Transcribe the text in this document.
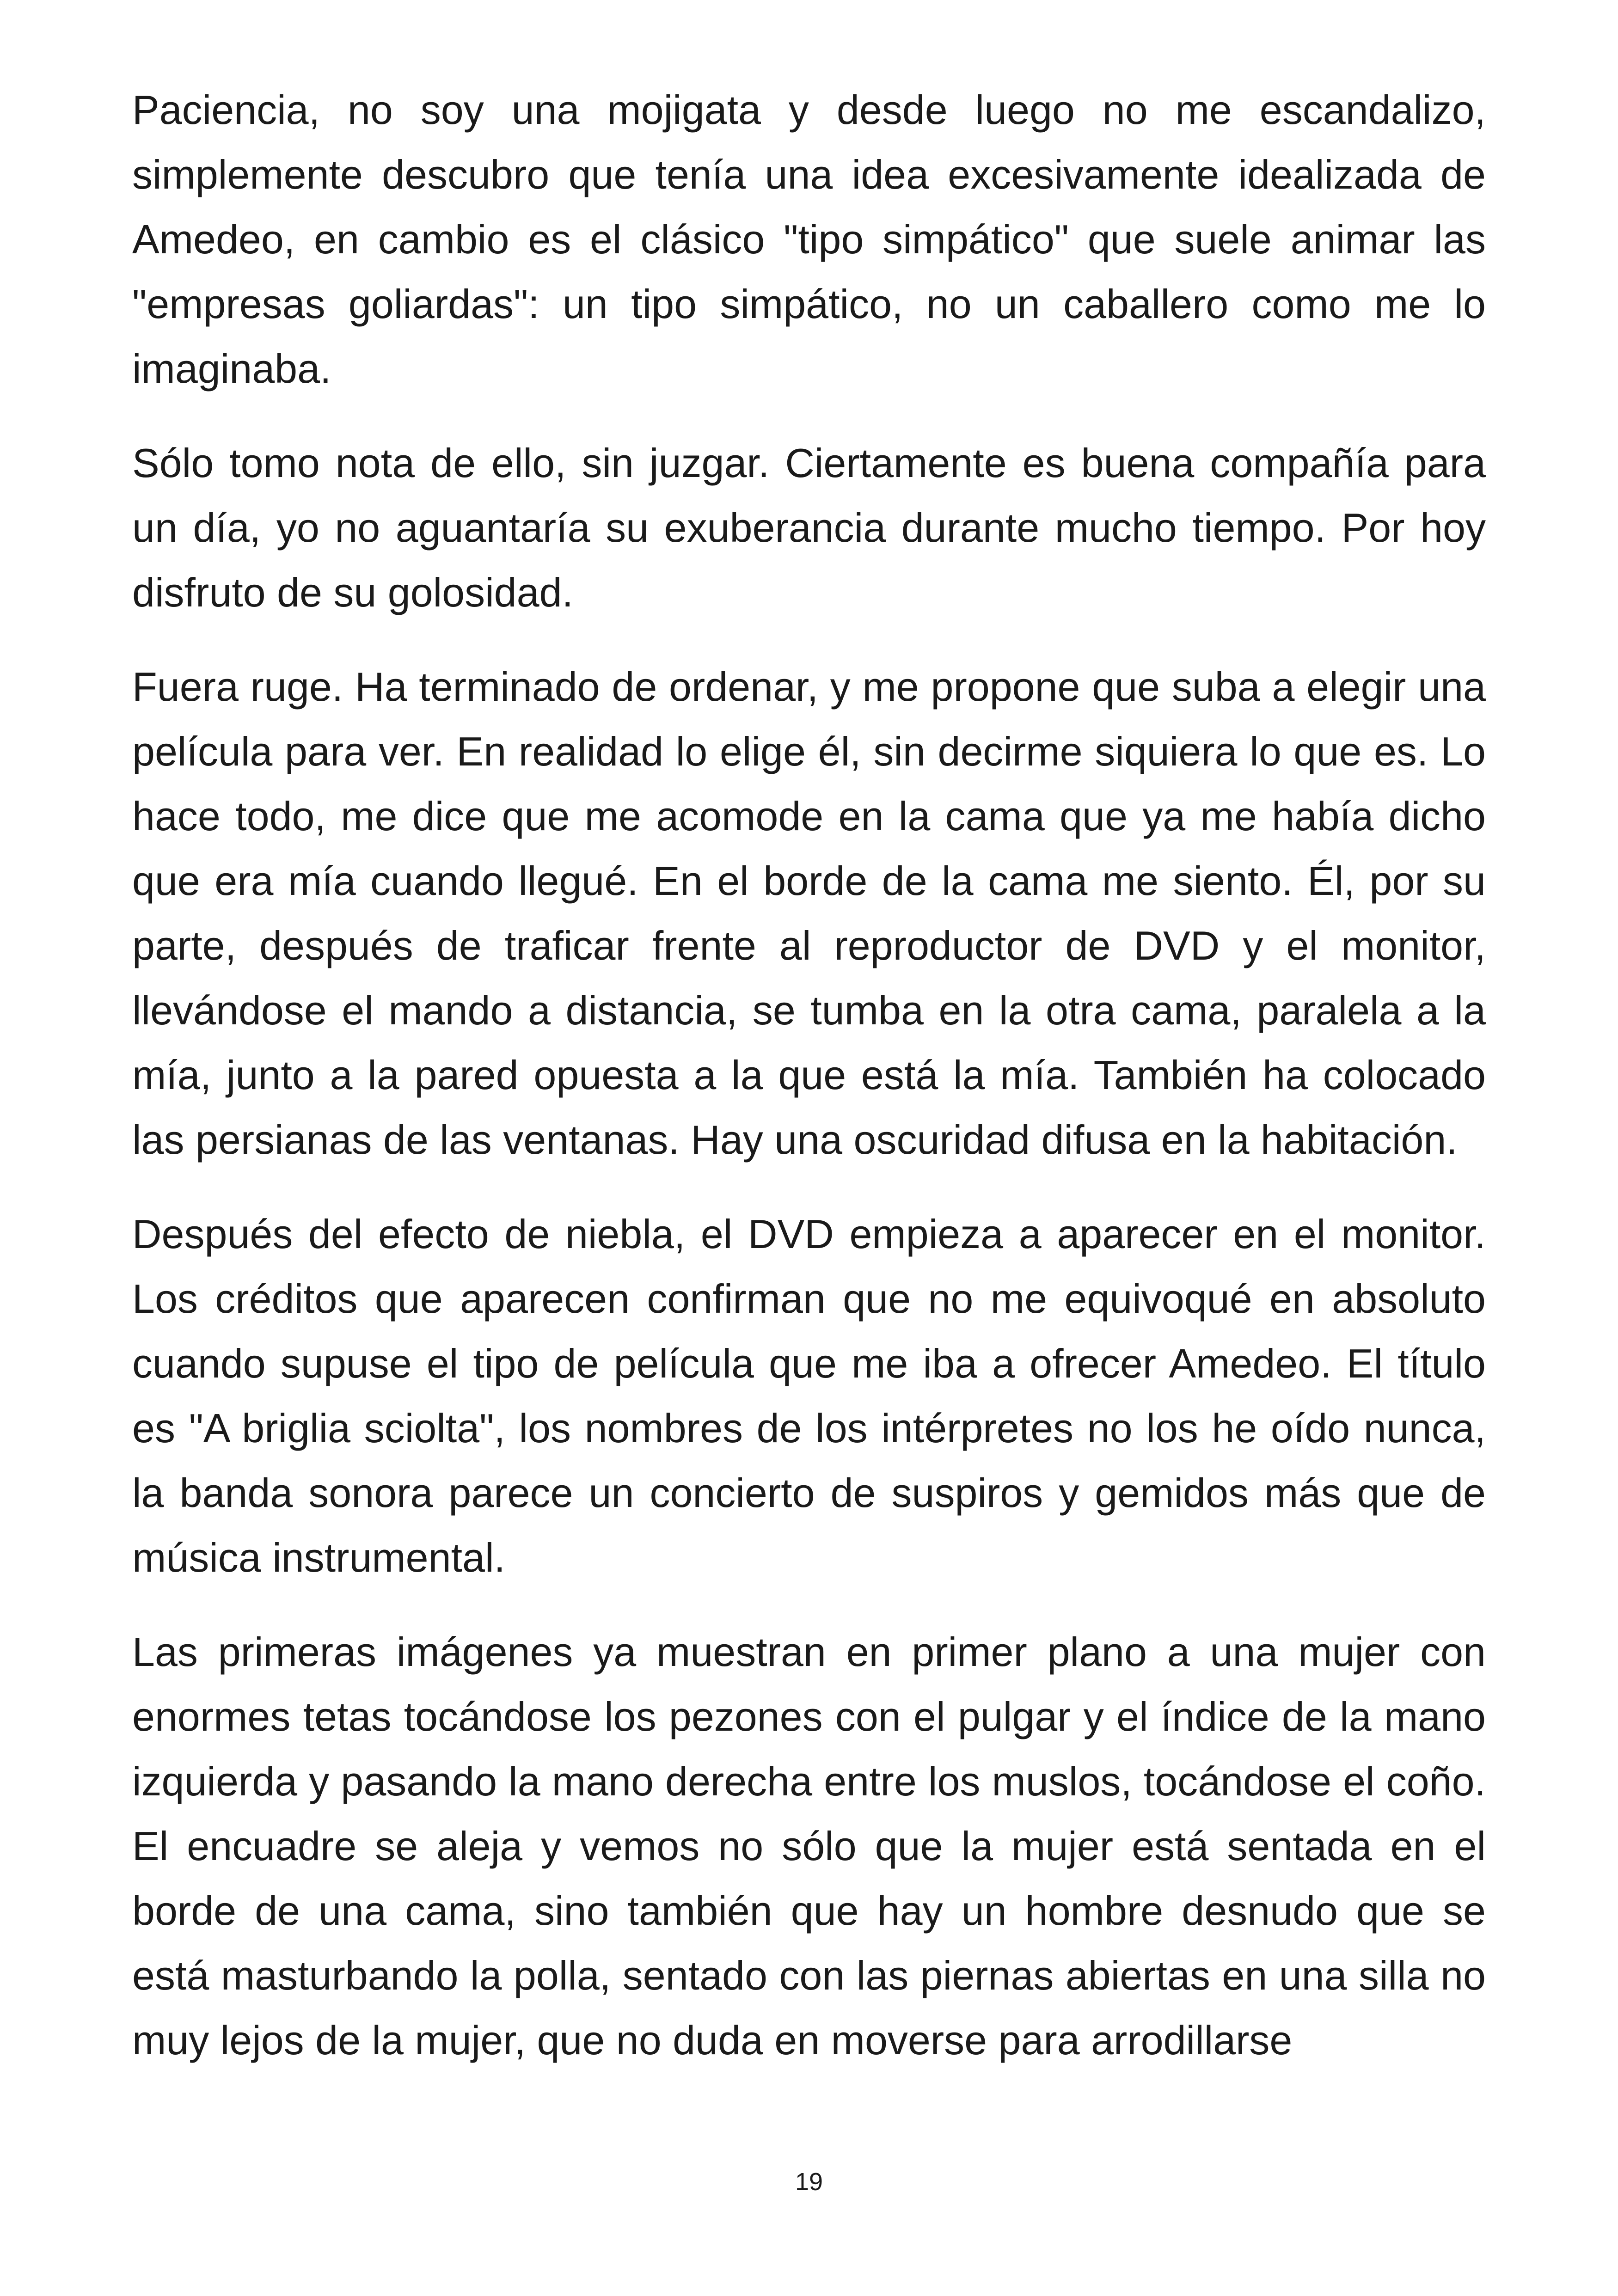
Paciencia, no soy una mojigata y desde luego no me escandalizo, simplemente descubro que tenía una idea excesivamente idealizada de Amedeo, en cambio es el clásico "tipo simpático" que suele animar las "empresas goliardas": un tipo simpático, no un caballero como me lo imaginaba.

Sólo tomo nota de ello, sin juzgar. Ciertamente es buena compañía para un día, yo no aguantaría su exuberancia durante mucho tiempo. Por hoy disfruto de su golosidad.

Fuera ruge. Ha terminado de ordenar, y me propone que suba a elegir una película para ver. En realidad lo elige él, sin decirme siquiera lo que es. Lo hace todo, me dice que me acomode en la cama que ya me había dicho que era mía cuando llegué. En el borde de la cama me siento. Él, por su parte, después de traficar frente al reproductor de DVD y el monitor, llevándose el mando a distancia, se tumba en la otra cama, paralela a la mía, junto a la pared opuesta a la que está la mía. También ha colocado las persianas de las ventanas. Hay una oscuridad difusa en la habitación.

Después del efecto de niebla, el DVD empieza a aparecer en el monitor. Los créditos que aparecen confirman que no me equivoqué en absoluto cuando supuse el tipo de película que me iba a ofrecer Amedeo. El título es "A briglia sciolta", los nombres de los intérpretes no los he oído nunca, la banda sonora parece un concierto de suspiros y gemidos más que de música instrumental.

Las primeras imágenes ya muestran en primer plano a una mujer con enormes tetas tocándose los pezones con el pulgar y el índice de la mano izquierda y pasando la mano derecha entre los muslos, tocándose el coño. El encuadre se aleja y vemos no sólo que la mujer está sentada en el borde de una cama, sino también que hay un hombre desnudo que se está masturbando la polla, sentado con las piernas abiertas en una silla no muy lejos de la mujer, que no duda en moverse para arrodillarse

19
